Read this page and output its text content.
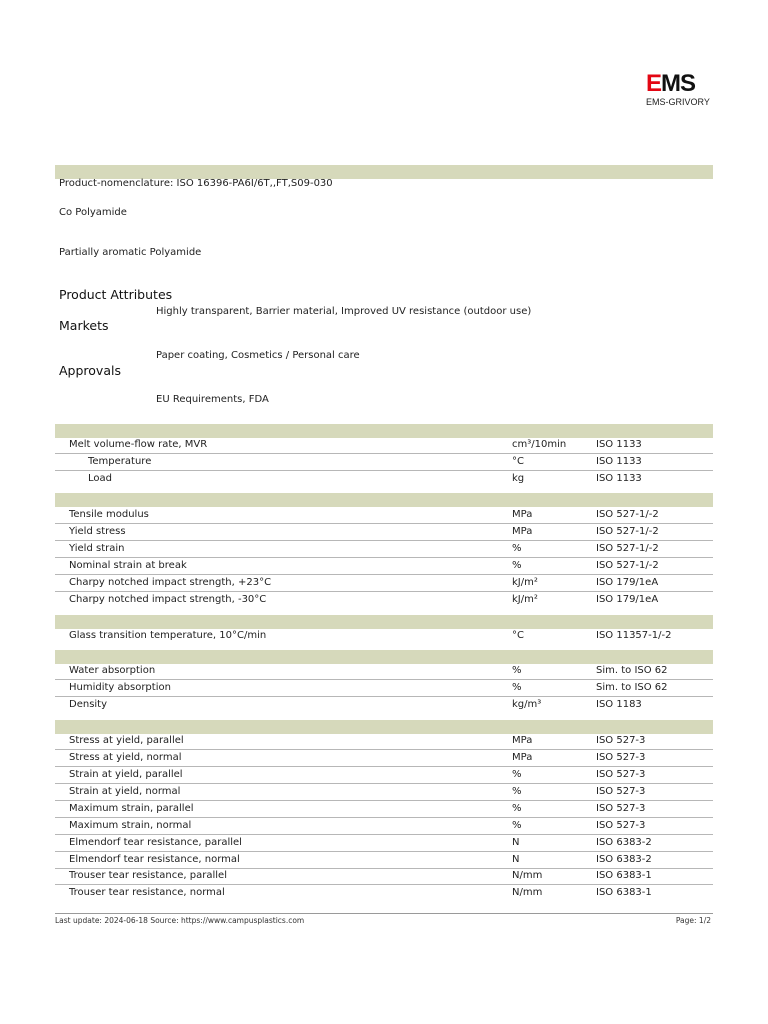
EMS
EMS-GRIVORY
Product-nomenclature: ISO 16396-PA6I/6T,,FT,S09-030
Co Polyamide
Partially aromatic Polyamide
Product Attributes
Highly transparent, Barrier material, Improved UV resistance (outdoor use)
Markets
Paper coating, Cosmetics / Personal care
Approvals
EU Requirements, FDA
Melt volume-flow rate, MVR	cm³/10min	ISO 1133
Temperature	°C	ISO 1133
Load	kg	ISO 1133
Tensile modulus	MPa	ISO 527-1/-2
Yield stress	MPa	ISO 527-1/-2
Yield strain	%	ISO 527-1/-2
Nominal strain at break	%	ISO 527-1/-2
Charpy notched impact strength, +23°C	kJ/m²	ISO 179/1eA
Charpy notched impact strength, -30°C	kJ/m²	ISO 179/1eA
Glass transition temperature, 10°C/min	°C	ISO 11357-1/-2
Water absorption	%	Sim. to ISO 62
Humidity absorption	%	Sim. to ISO 62
Density	kg/m³	ISO 1183
Stress at yield, parallel	MPa	ISO 527-3
Stress at yield, normal	MPa	ISO 527-3
Strain at yield, parallel	%	ISO 527-3
Strain at yield, normal	%	ISO 527-3
Maximum strain, parallel	%	ISO 527-3
Maximum strain, normal	%	ISO 527-3
Elmendorf tear resistance, parallel	N	ISO 6383-2
Elmendorf tear resistance, normal	N	ISO 6383-2
Trouser tear resistance, parallel	N/mm	ISO 6383-1
Trouser tear resistance, normal	N/mm	ISO 6383-1
Last update: 2024-06-18 Source: https://www.campusplastics.com	Page: 1/2
